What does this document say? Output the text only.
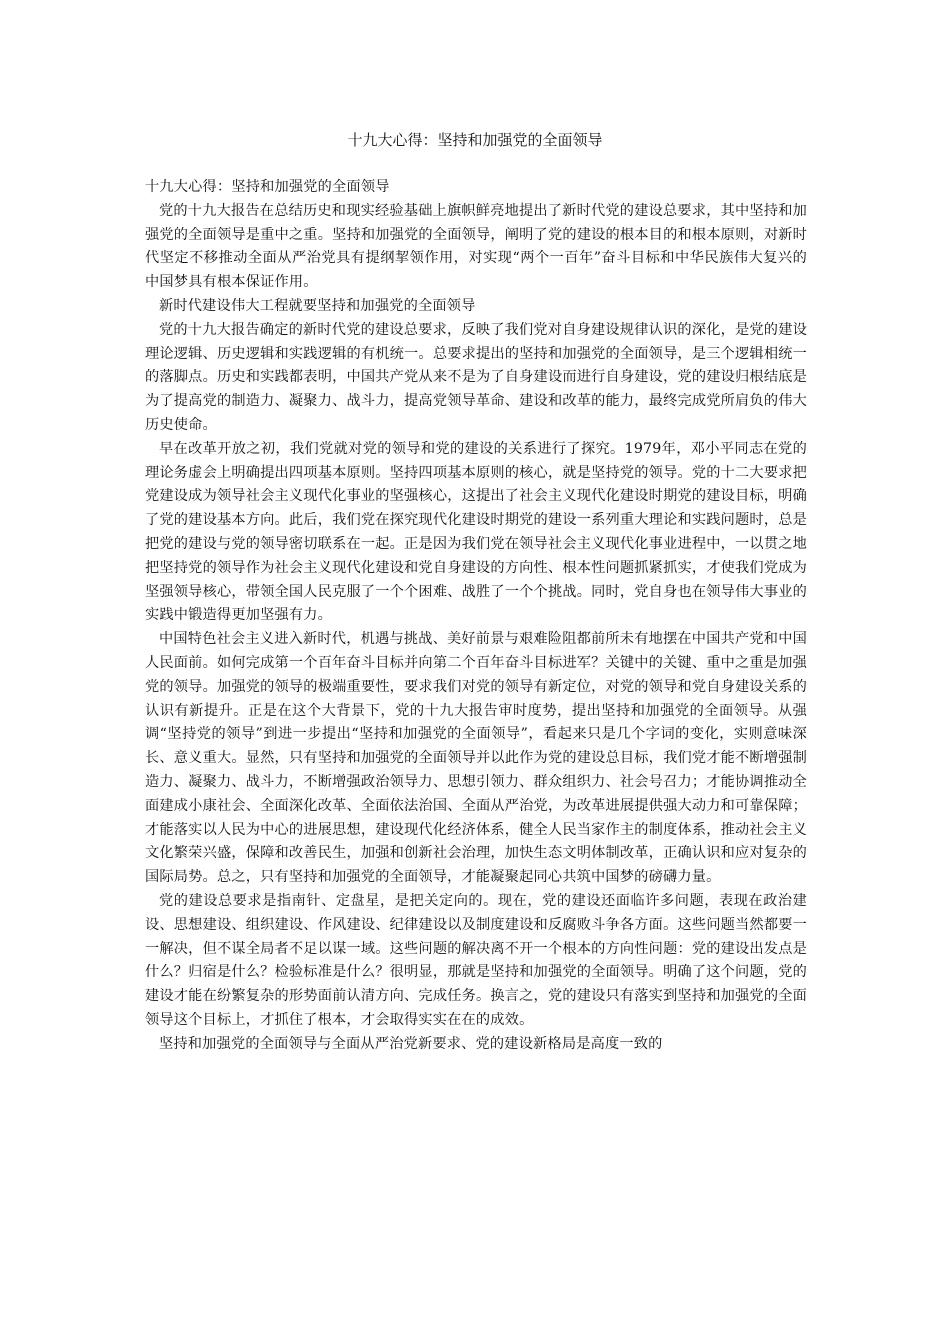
十九大心得：坚持和加强党的全面领导

十九大心得：坚持和加强党的全面领导

党的十九大报告在总结历史和现实经验基础上旗帜鲜亮地提出了新时代党的建设总要求，其中坚持和加强党的全面领导是重中之重。坚持和加强党的全面领导，阐明了党的建设的根本目的和根本原则，对新时代坚定不移推动全面从严治党具有提纲挈领作用，对实现“两个一百年”奋斗目标和中华民族伟大复兴的中国梦具有根本保证作用。

新时代建设伟大工程就要坚持和加强党的全面领导

党的十九大报告确定的新时代党的建设总要求，反映了我们党对自身建设规律认识的深化，是党的建设理论逻辑、历史逻辑和实践逻辑的有机统一。总要求提出的坚持和加强党的全面领导，是三个逻辑相统一的落脚点。历史和实践都表明，中国共产党从来不是为了自身建设而进行自身建设，党的建设归根结底是为了提高党的制造力、凝聚力、战斗力，提高党领导革命、建设和改革的能力，最终完成党所肩负的伟大历史使命。

早在改革开放之初，我们党就对党的领导和党的建设的关系进行了探究。1979年，邓小平同志在党的理论务虚会上明确提出四项基本原则。坚持四项基本原则的核心，就是坚持党的领导。党的十二大要求把党建设成为领导社会主义现代化事业的坚强核心，这提出了社会主义现代化建设时期党的建设目标，明确了党的建设基本方向。此后，我们党在探究现代化建设时期党的建设一系列重大理论和实践问题时，总是把党的建设与党的领导密切联系在一起。正是因为我们党在领导社会主义现代化事业进程中，一以贯之地把坚持党的领导作为社会主义现代化建设和党自身建设的方向性、根本性问题抓紧抓实，才使我们党成为坚强领导核心，带领全国人民克服了一个个困难、战胜了一个个挑战。同时，党自身也在领导伟大事业的实践中锻造得更加坚强有力。

中国特色社会主义进入新时代，机遇与挑战、美好前景与艰难险阻都前所未有地摆在中国共产党和中国人民面前。如何完成第一个百年奋斗目标并向第二个百年奋斗目标进军？关键中的关键、重中之重是加强党的领导。加强党的领导的极端重要性，要求我们对党的领导有新定位，对党的领导和党自身建设关系的认识有新提升。正是在这个大背景下，党的十九大报告审时度势，提出坚持和加强党的全面领导。从强调“坚持党的领导”到进一步提出“坚持和加强党的全面领导”，看起来只是几个字词的变化，实则意味深长、意义重大。显然，只有坚持和加强党的全面领导并以此作为党的建设总目标，我们党才能不断增强制造力、凝聚力、战斗力，不断增强政治领导力、思想引领力、群众组织力、社会号召力；才能协调推动全面建成小康社会、全面深化改革、全面依法治国、全面从严治党，为改革进展提供强大动力和可靠保障；才能落实以人民为中心的进展思想，建设现代化经济体系，健全人民当家作主的制度体系，推动社会主义文化繁荣兴盛，保障和改善民生，加强和创新社会治理，加快生态文明体制改革，正确认识和应对复杂的国际局势。总之，只有坚持和加强党的全面领导，才能凝聚起同心共筑中国梦的磅礴力量。

党的建设总要求是指南针、定盘星，是把关定向的。现在，党的建设还面临许多问题，表现在政治建设、思想建设、组织建设、作风建设、纪律建设以及制度建设和反腐败斗争各方面。这些问题当然都要一一解决，但不谋全局者不足以谋一域。这些问题的解决离不开一个根本的方向性问题：党的建设出发点是什么？归宿是什么？检验标准是什么？很明显，那就是坚持和加强党的全面领导。明确了这个问题，党的建设才能在纷繁复杂的形势面前认清方向、完成任务。换言之，党的建设只有落实到坚持和加强党的全面领导这个目标上，才抓住了根本，才会取得实实在在的成效。

坚持和加强党的全面领导与全面从严治党新要求、党的建设新格局是高度一致的
